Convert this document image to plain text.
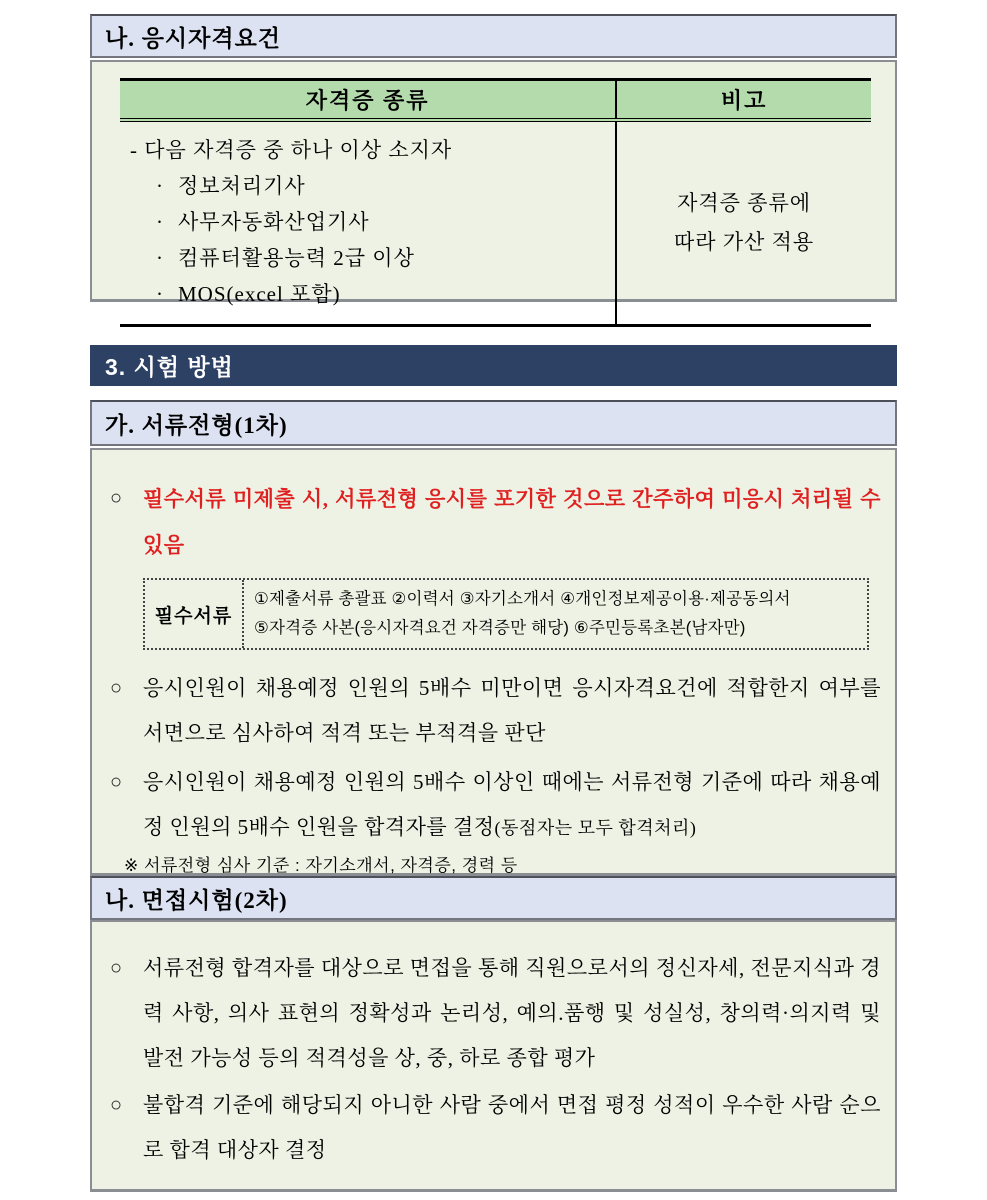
나. 응시자격요건
자격증 종류	비고
- 다음 자격증 중 하나 이상 소지자
· 정보처리기사
· 사무자동화산업기사
· 컴퓨터활용능력 2급 이상
· MOS(excel 포함)
자격증 종류에
따라 가산 적용
3. 시험 방법
가. 서류전형(1차)
○ 필수서류 미제출 시, 서류전형 응시를 포기한 것으로 간주하여 미응시 처리될 수 있음
필수서류
①제출서류 총괄표 ②이력서 ③자기소개서 ④개인정보제공이용·제공동의서
⑤자격증 사본(응시자격요건 자격증만 해당) ⑥주민등록초본(남자만)
○ 응시인원이 채용예정 인원의 5배수 미만이면 응시자격요건에 적합한지 여부를 서면으로 심사하여 적격 또는 부적격을 판단
○ 응시인원이 채용예정 인원의 5배수 이상인 때에는 서류전형 기준에 따라 채용예정 인원의 5배수 인원을 합격자를 결정(동점자는 모두 합격처리)
※ 서류전형 심사 기준 : 자기소개서, 자격증, 경력 등
나. 면접시험(2차)
○ 서류전형 합격자를 대상으로 면접을 통해 직원으로서의 정신자세, 전문지식과 경력 사항, 의사 표현의 정확성과 논리성, 예의.품행 및 성실성, 창의력·의지력 및 발전 가능성 등의 적격성을 상, 중, 하로 종합 평가
○ 불합격 기준에 해당되지 아니한 사람 중에서 면접 평정 성적이 우수한 사람 순으로 합격 대상자 결정
